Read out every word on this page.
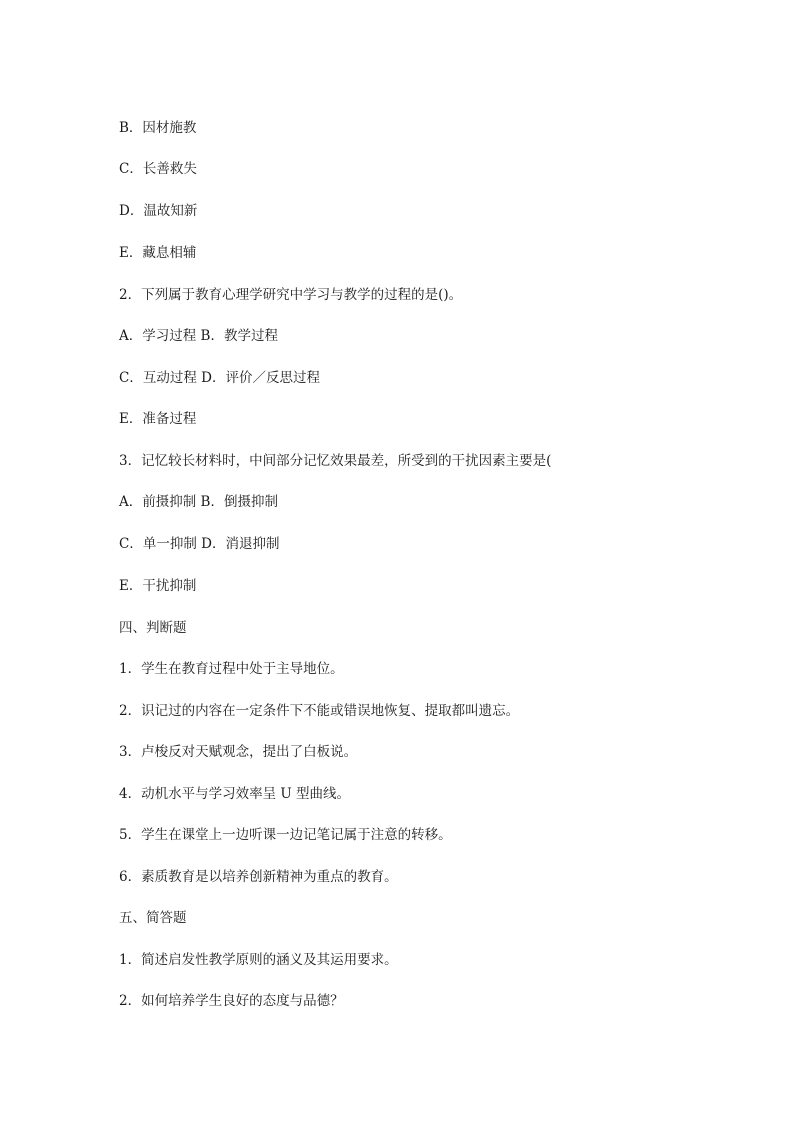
B．因材施教

C．长善救失

D．温故知新

E．藏息相辅

2．下列属于教育心理学研究中学习与教学的过程的是()。

A．学习过程 B．教学过程

C．互动过程 D．评价／反思过程

E．准备过程

3．记忆较长材料时，中间部分记忆效果最差，所受到的干扰因素主要是(

A．前摄抑制 B．倒摄抑制

C．单一抑制 D．消退抑制

E．干扰抑制

四、判断题

1．学生在教育过程中处于主导地位。

2．识记过的内容在一定条件下不能或错误地恢复、提取都叫遗忘。

3．卢梭反对天赋观念，提出了白板说。

4．动机水平与学习效率呈 U 型曲线。

5．学生在课堂上一边听课一边记笔记属于注意的转移。

6．素质教育是以培养创新精神为重点的教育。

五、简答题

1．简述启发性教学原则的涵义及其运用要求。

2．如何培养学生良好的态度与品德？
